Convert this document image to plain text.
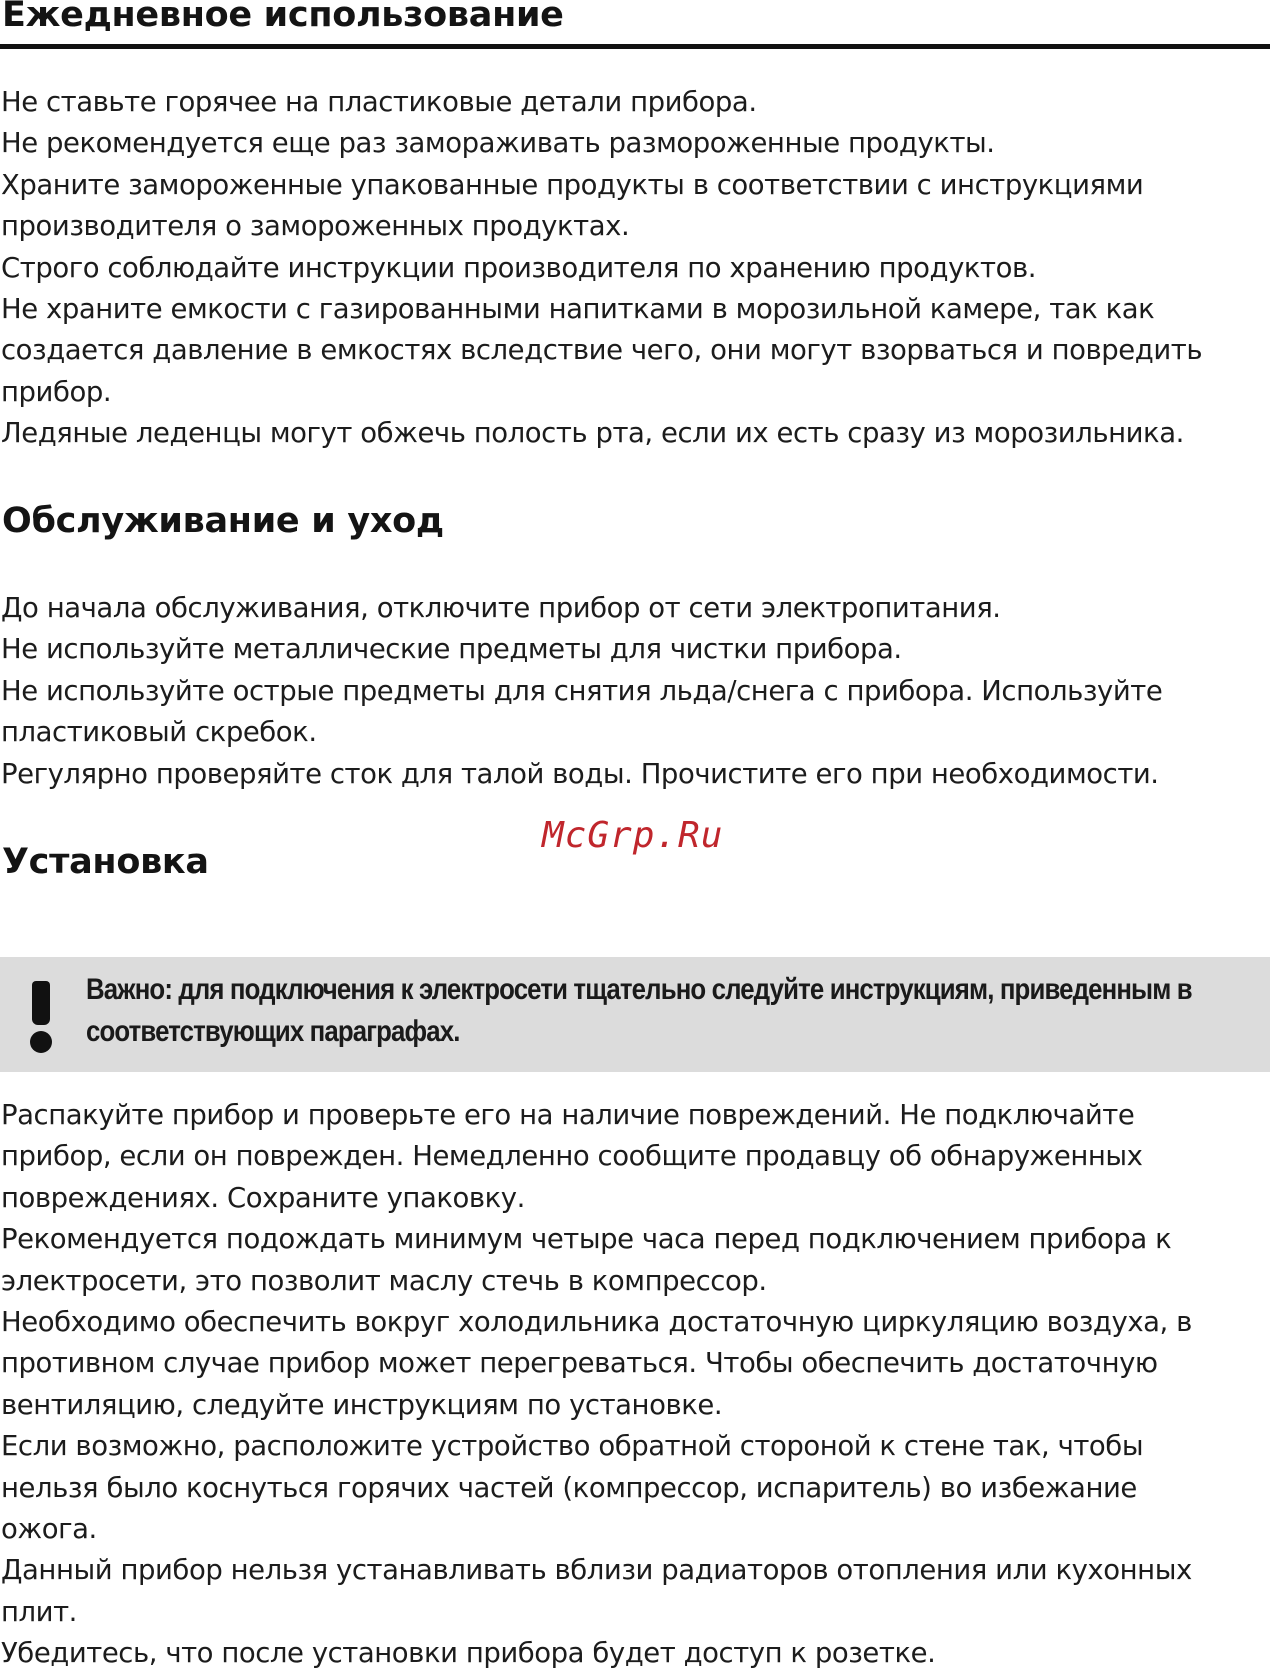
Ежедневное использование

Не ставьте горячее на пластиковые детали прибора.

Не рекомендуется еще раз замораживать размороженные продукты.

Храните замороженные упакованные продукты в соответствии с инструкциями

производителя о замороженных продуктах.

Строго соблюдайте инструкции производителя по хранению продуктов.

Не храните емкости с газированными напитками в морозильной камере, так как

создается давление в емкостях вследствие чего, они могут взорваться и повредить

прибор.

Ледяные леденцы могут обжечь полость рта, если их есть сразу из морозильника.

Обслуживание и уход

До начала обслуживания, отключите прибор от сети электропитания.

Не используйте металлические предметы для чистки прибора.

Не используйте острые предметы для снятия льда/снега с прибора. Используйте

пластиковый скребок.

Регулярно проверяйте сток для талой воды. Прочистите его при необходимости.

McGrp.Ru
Установка
Важно: для подключения к электросети тщательно следуйте инструкциям, приведенным в
соответствующих параграфах.

Распакуйте прибор и проверьте его на наличие повреждений. Не подключайте

прибор, если он поврежден. Немедленно сообщите продавцу об обнаруженных

повреждениях. Сохраните упаковку.

Рекомендуется подождать минимум четыре часа перед подключением прибора к

электросети, это позволит маслу стечь в компрессор.

Необходимо обеспечить вокруг холодильника достаточную циркуляцию воздуха, в

противном случае прибор может перегреваться. Чтобы обеспечить достаточную

вентиляцию, следуйте инструкциям по установке.

Если возможно, расположите устройство обратной стороной к стене так, чтобы

нельзя было коснуться горячих частей (компрессор, испаритель) во избежание

ожога.

Данный прибор нельзя устанавливать вблизи радиаторов отопления или кухонных

плит.

Убедитесь, что после установки прибора будет доступ к розетке.
